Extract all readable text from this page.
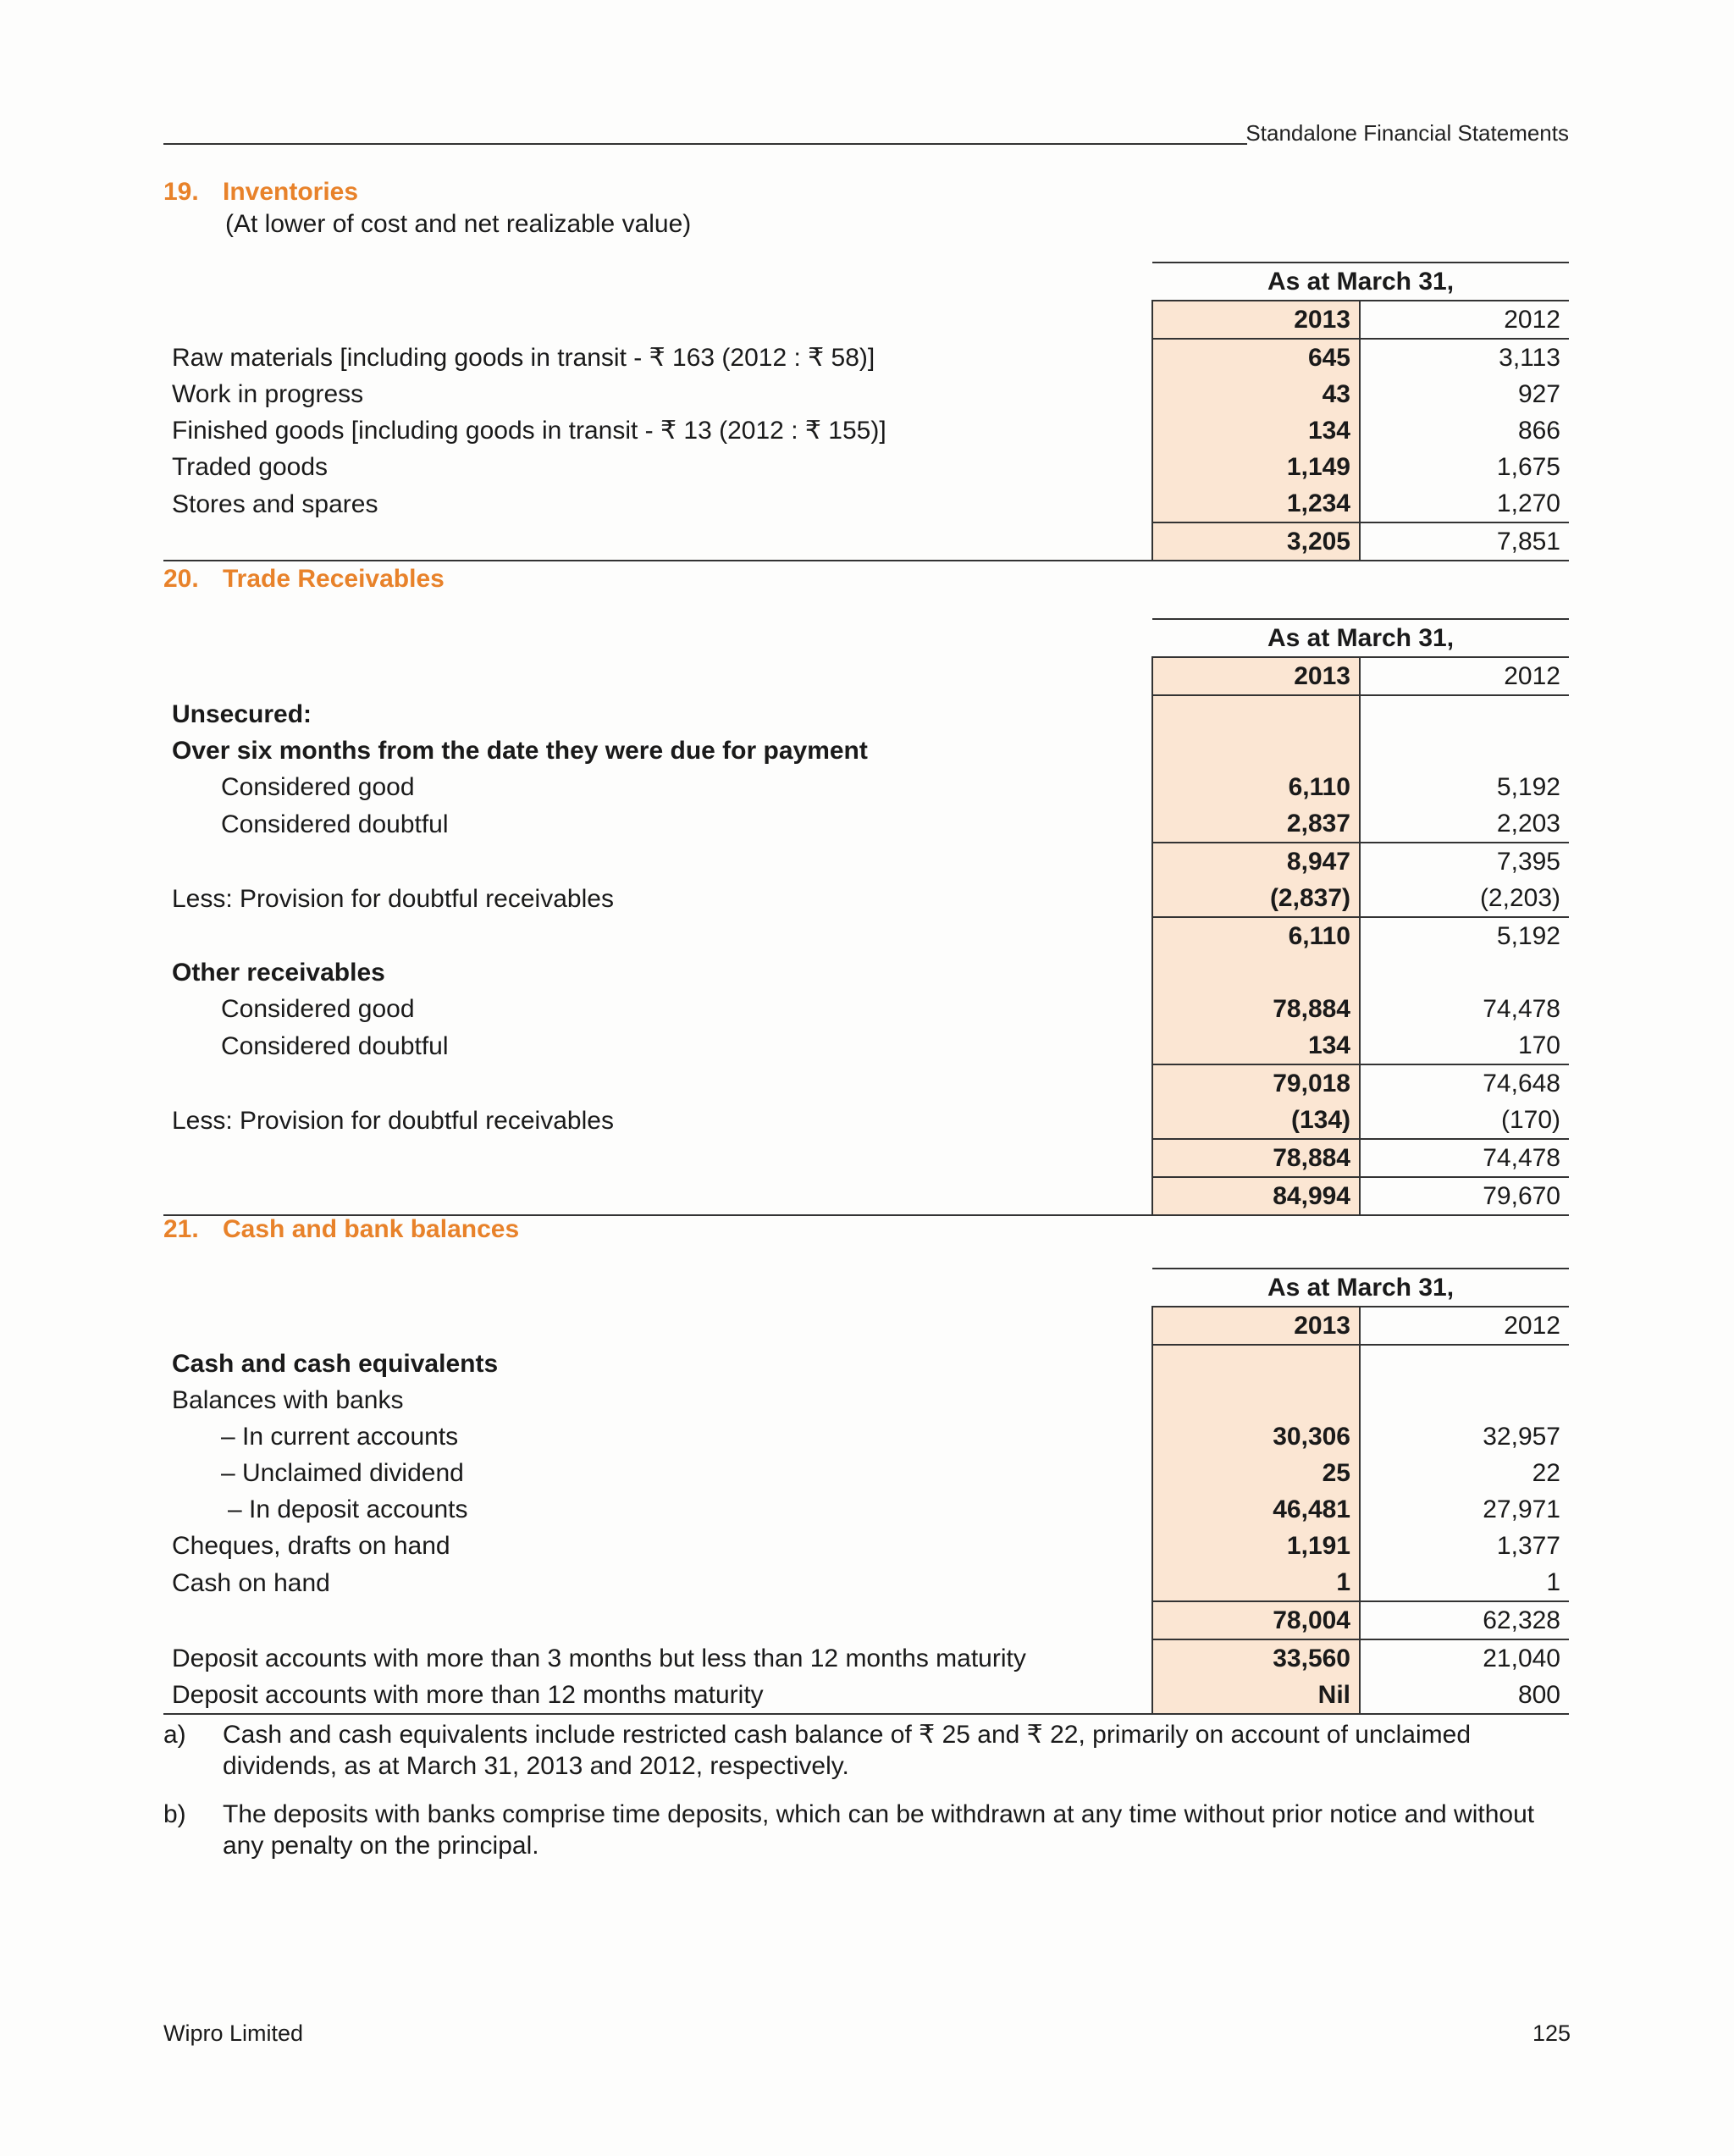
Standalone Financial Statements
19. Inventories
(At lower of cost and net realizable value)
	As at March 31,	
	2013	2012
Raw materials [including goods in transit - ₹ 163 (2012 : ₹ 58)]	645	3,113
Work in progress	43	927
Finished goods [including goods in transit - ₹ 13 (2012 : ₹ 155)]	134	866
Traded goods	1,149	1,675
Stores and spares	1,234	1,270
	3,205	7,851
20. Trade Receivables
	As at March 31,	
	2013	2012
Unsecured:		
Over six months from the date they were due for payment		
Considered good	6,110	5,192
Considered doubtful	2,837	2,203
	8,947	7,395
Less: Provision for doubtful receivables	(2,837)	(2,203)
	6,110	5,192
Other receivables		
Considered good	78,884	74,478
Considered doubtful	134	170
	79,018	74,648
Less: Provision for doubtful receivables	(134)	(170)
	78,884	74,478
	84,994	79,670
21. Cash and bank balances
	As at March 31,	
	2013	2012
Cash and cash equivalents		
Balances with banks		
– In current accounts	30,306	32,957
– Unclaimed dividend	25	22
– In deposit accounts	46,481	27,971
Cheques, drafts on hand	1,191	1,377
Cash on hand	1	1
	78,004	62,328
Deposit accounts with more than 3 months but less than 12 months maturity	33,560	21,040
Deposit accounts with more than 12 months maturity	Nil	800
a)	Cash and cash equivalents include restricted cash balance of ₹ 25 and ₹ 22, primarily on account of unclaimed dividends, as at March 31, 2013 and 2012, respectively.
b)	The deposits with banks comprise time deposits, which can be withdrawn at any time without prior notice and without any penalty on the principal.
Wipro Limited	125
